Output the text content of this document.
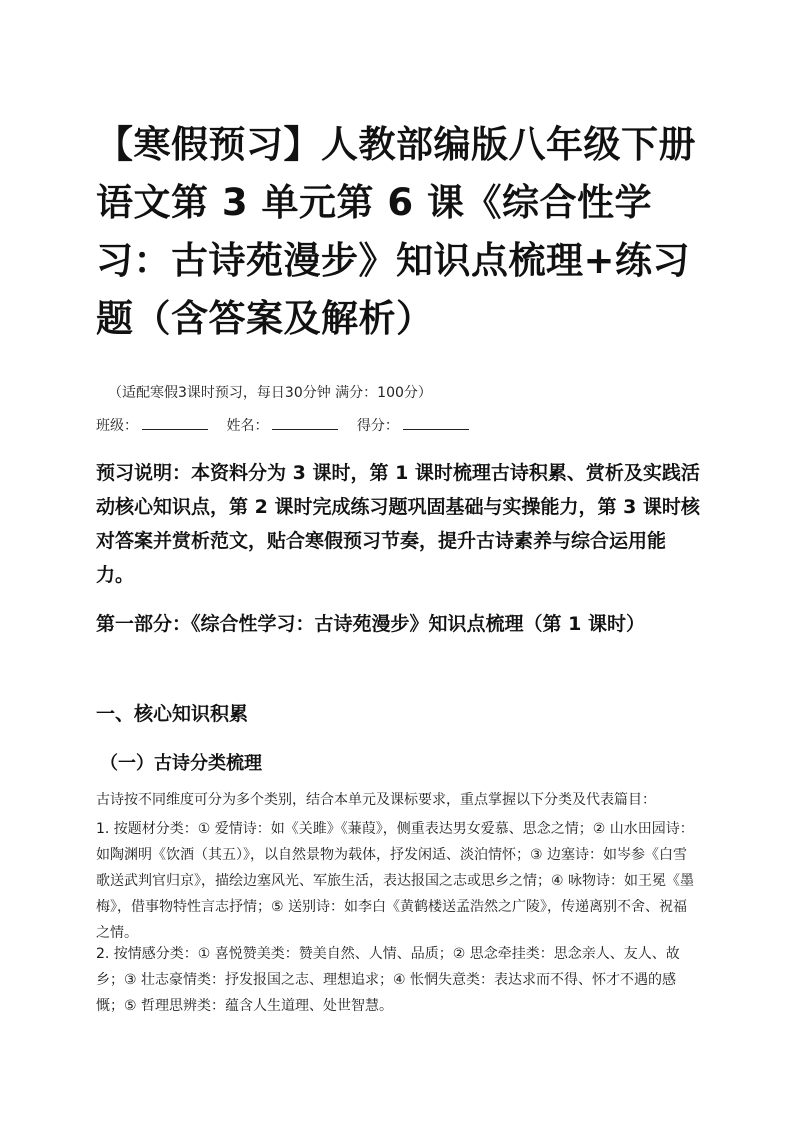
【寒假预习】人教部编版八年级下册语文第 3 单元第 6 课《综合性学习：古诗苑漫步》知识点梳理+练习题（含答案及解析）
（适配寒假3课时预习，每日30分钟 满分：100分）
班级：	姓名：	得分：

预习说明：本资料分为 3 课时，第 1 课时梳理古诗积累、赏析及实践活动核心知识点，第 2 课时完成练习题巩固基础与实操能力，第 3 课时核对答案并赏析范文，贴合寒假预习节奏，提升古诗素养与综合运用能力。

第一部分：《综合性学习：古诗苑漫步》知识点梳理（第 1 课时）

一、核心知识积累
（一）古诗分类梳理

古诗按不同维度可分为多个类别，结合本单元及课标要求，重点掌握以下分类及代表篇目：

1. 按题材分类：① 爱情诗：如《关雎》《蒹葭》，侧重表达男女爱慕、思念之情；② 山水田园诗：如陶渊明《饮酒（其五）》，以自然景物为载体，抒发闲适、淡泊情怀；③ 边塞诗：如岑参《白雪歌送武判官归京》，描绘边塞风光、军旅生活，表达报国之志或思乡之情；④ 咏物诗：如王冕《墨梅》，借事物特性言志抒情；⑤ 送别诗：如李白《黄鹤楼送孟浩然之广陵》，传递离别不舍、祝福之情。

2. 按情感分类：① 喜悦赞美类：赞美自然、人情、品质；② 思念牵挂类：思念亲人、友人、故乡；③ 壮志豪情类：抒发报国之志、理想追求；④ 怅惘失意类：表达求而不得、怀才不遇的感慨；⑤ 哲理思辨类：蕴含人生道理、处世智慧。
